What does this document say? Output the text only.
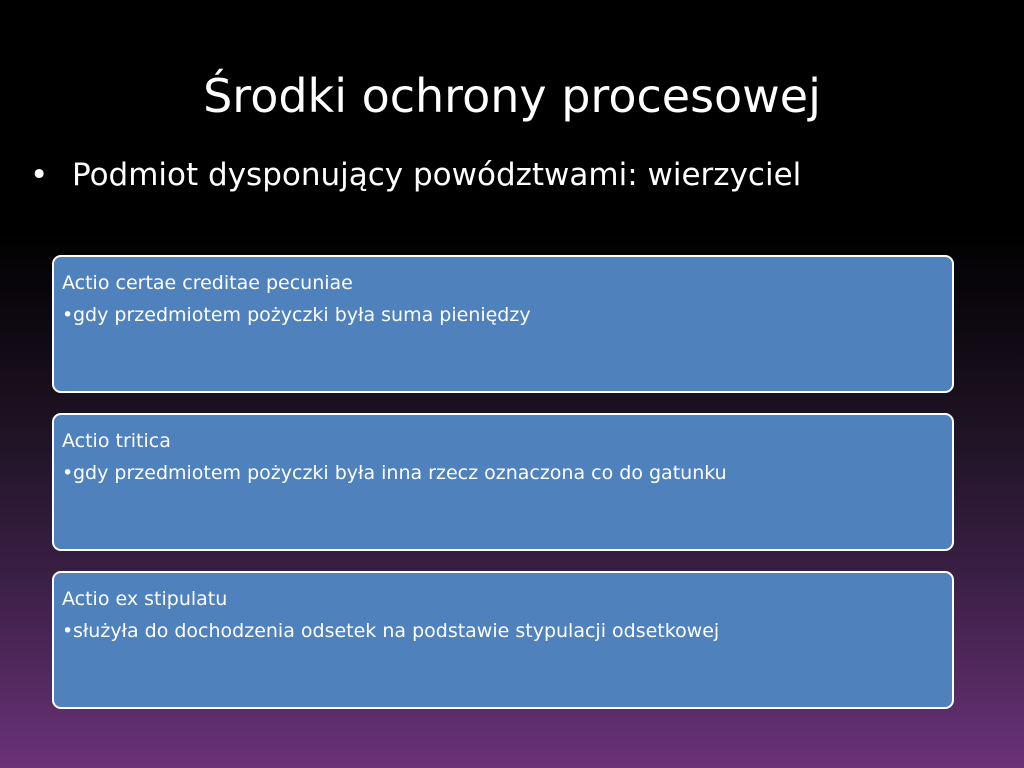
Środki ochrony procesowej
• Podmiot dysponujący powództwami: wierzyciel
Actio certae creditae pecuniae
•gdy przedmiotem pożyczki była suma pieniędzy
Actio tritica
•gdy przedmiotem pożyczki była inna rzecz oznaczona co do gatunku
Actio ex stipulatu
•służyła do dochodzenia odsetek na podstawie stypulacji odsetkowej
